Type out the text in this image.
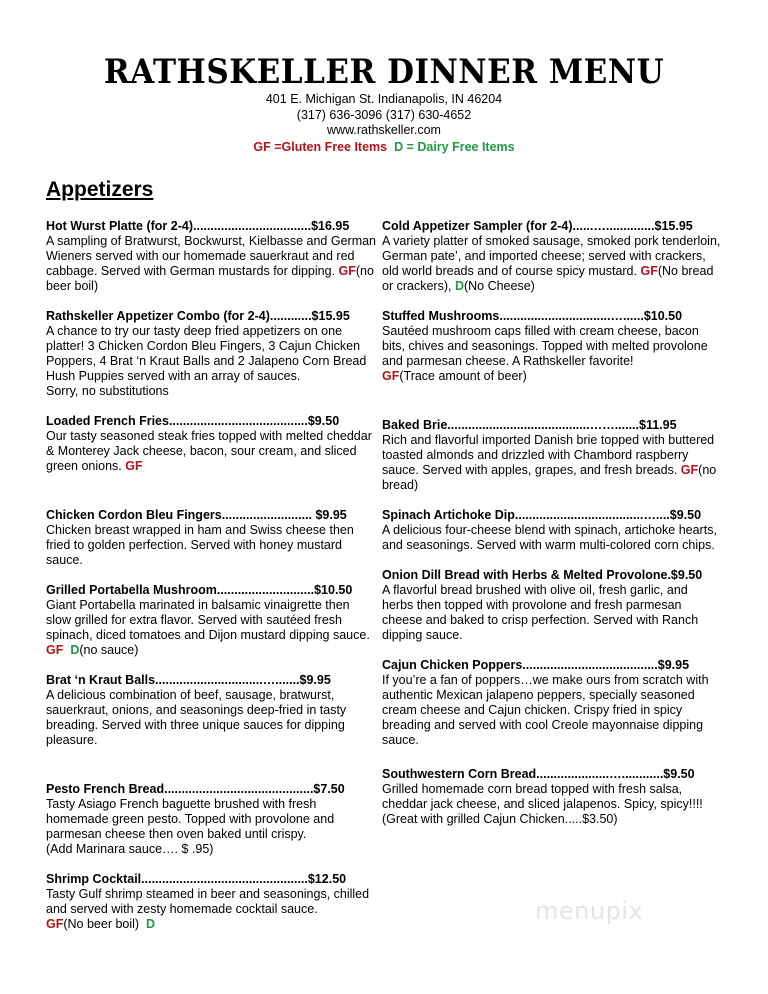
RATHSKELLER DINNER MENU
401 E. Michigan St. Indianapolis, IN 46204
(317) 636-3096 (317) 630-4652
www.rathskeller.com
GF =Gluten Free Items D = Dairy Free Items
Appetizers
Hot Wurst Platte (for 2-4)..................................$16.95
A sampling of Bratwurst, Bockwurst, Kielbasse and German Wieners served with our homemade sauerkraut and red cabbage. Served with German mustards for dipping. GF(no beer boil)
Rathskeller Appetizer Combo (for 2-4)............$15.95
A chance to try our tasty deep fried appetizers on one platter! 3 Chicken Cordon Bleu Fingers, 3 Cajun Chicken Poppers, 4 Brat ‘n Kraut Balls and 2 Jalapeno Corn Bread Hush Puppies served with an array of sauces.
Sorry, no substitutions
Loaded French Fries........................................$9.50
Our tasty seasoned steak fries topped with melted cheddar & Monterey Jack cheese, bacon, sour cream, and sliced green onions. GF
Chicken Cordon Bleu Fingers.......................... $9.95
Chicken breast wrapped in ham and Swiss cheese then fried to golden perfection. Served with honey mustard sauce.
Grilled Portabella Mushroom............................$10.50
Giant Portabella marinated in balsamic vinaigrette then slow grilled for extra flavor. Served with sautéed fresh spinach, diced tomatoes and Dijon mustard dipping sauce. GF D(no sauce)
Brat ‘n Kraut Balls...............................….......$9.95
A delicious combination of beef, sausage, bratwurst, sauerkraut, onions, and seasonings deep-fried in tasty breading. Served with three unique sauces for dipping pleasure.
Pesto French Bread...........................................$7.50
Tasty Asiago French baguette brushed with fresh homemade green pesto. Topped with provolone and parmesan cheese then oven baked until crispy.
(Add Marinara sauce…. $ .95)
Shrimp Cocktail................................................$12.50
Tasty Gulf shrimp steamed in beer and seasonings, chilled and served with zesty homemade cocktail sauce.
GF(No beer boil) D
Cold Appetizer Sampler (for 2-4)......…..............$15.95
A variety platter of smoked sausage, smoked pork tenderloin, German pate’, and imported cheese; served with crackers, old world breads and of course spicy mustard. GF(No bread or crackers), D(No Cheese)
Stuffed Mushrooms................................…......$10.50
Sautéed mushroom caps filled with cream cheese, bacon bits, chives and seasonings. Topped with melted provolone and parmesan cheese. A Rathskeller favorite!
GF(Trace amount of beer)
Baked Brie.........................................…….......$11.95
Rich and flavorful imported Danish brie topped with buttered toasted almonds and drizzled with Chambord raspberry sauce. Served with apples, grapes, and fresh breads. GF(no bread)
Spinach Artichoke Dip.....................................…....$9.50
A delicious four-cheese blend with spinach, artichoke hearts, and seasonings. Served with warm multi-colored corn chips.
Onion Dill Bread with Herbs & Melted Provolone.$9.50
A flavorful bread brushed with olive oil, fresh garlic, and herbs then topped with provolone and fresh parmesan cheese and baked to crisp perfection. Served with Ranch dipping sauce.
Cajun Chicken Poppers.......................................$9.95
If you’re a fan of poppers…we make ours from scratch with authentic Mexican jalapeno peppers, specially seasoned cream cheese and Cajun chicken. Crispy fried in spicy breading and served with cool Creole mayonnaise dipping sauce.
Southwestern Corn Bread.....................…............$9.50
Grilled homemade corn bread topped with fresh salsa, cheddar jack cheese, and sliced jalapenos. Spicy, spicy!!!! (Great with grilled Cajun Chicken.....$3.50)
menupix
